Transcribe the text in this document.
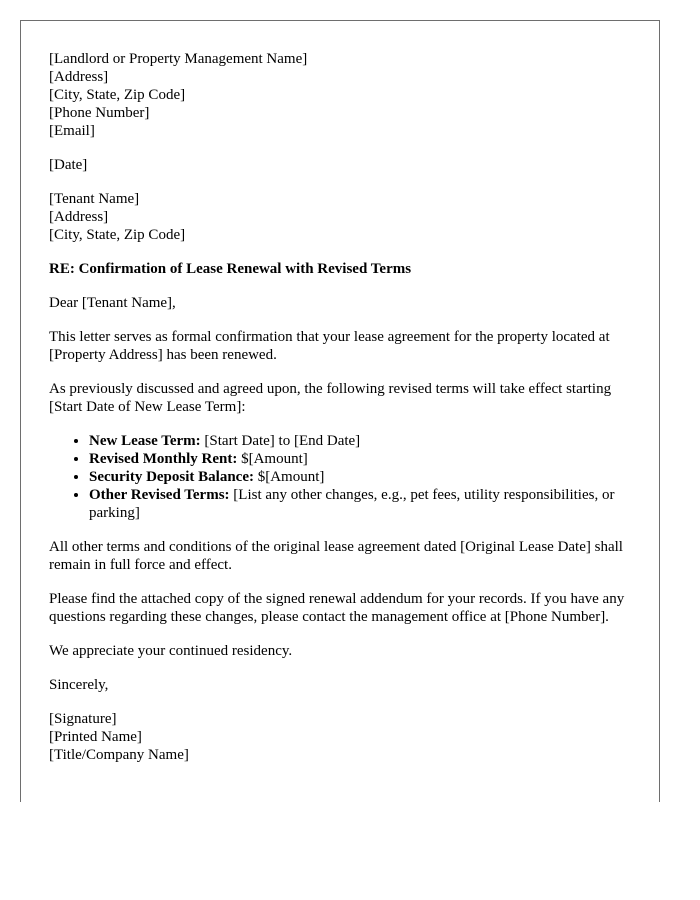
[Landlord or Property Management Name]
[Address]
[City, State, Zip Code]
[Phone Number]
[Email]

[Date]

[Tenant Name]
[Address]
[City, State, Zip Code]

RE: Confirmation of Lease Renewal with Revised Terms

Dear [Tenant Name],

This letter serves as formal confirmation that your lease agreement for the property located at [Property Address] has been renewed.

As previously discussed and agreed upon, the following revised terms will take effect starting [Start Date of New Lease Term]:

• New Lease Term: [Start Date] to [End Date]
• Revised Monthly Rent: $[Amount]
• Security Deposit Balance: $[Amount]
• Other Revised Terms: [List any other changes, e.g., pet fees, utility responsibilities, or parking]

All other terms and conditions of the original lease agreement dated [Original Lease Date] shall remain in full force and effect.

Please find the attached copy of the signed renewal addendum for your records. If you have any questions regarding these changes, please contact the management office at [Phone Number].

We appreciate your continued residency.

Sincerely,

[Signature]
[Printed Name]
[Title/Company Name]
